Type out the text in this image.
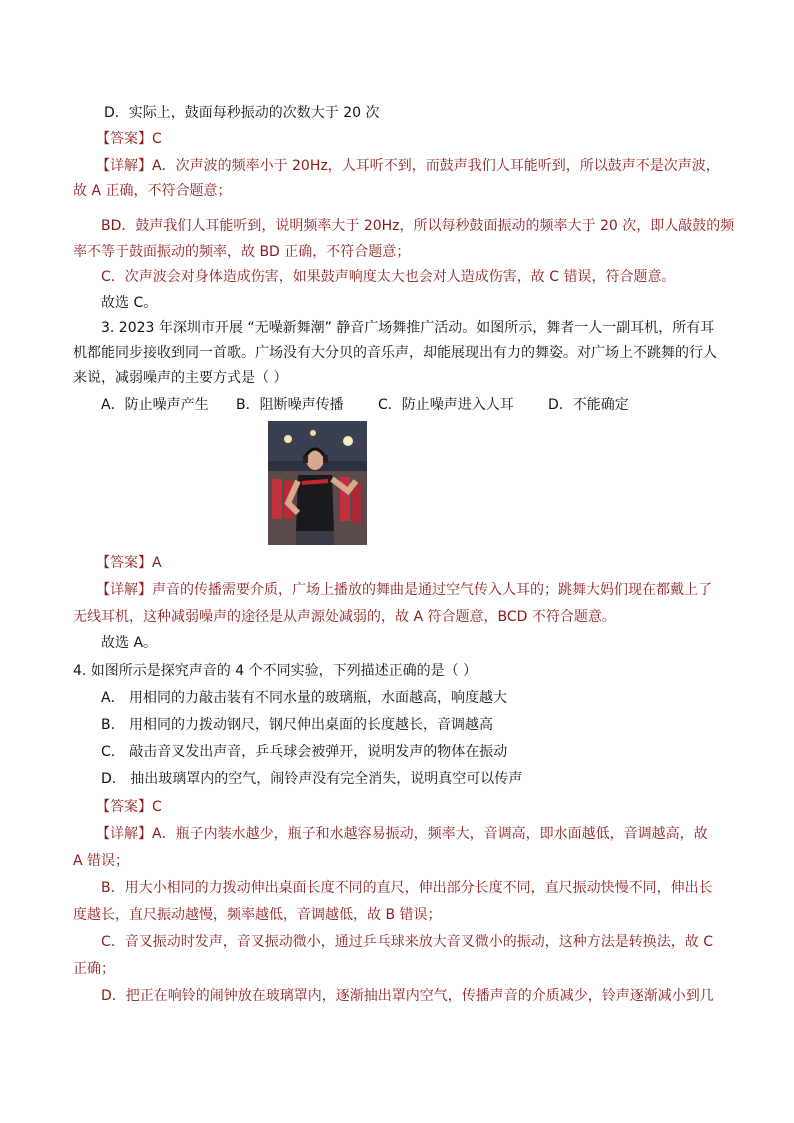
D．实际上，鼓面每秒振动的次数大于 20 次
【答案】C
【详解】A．次声波的频率小于 20Hz，人耳听不到，而鼓声我们人耳能听到，所以鼓声不是次声波，
故 A 正确，不符合题意；
BD．鼓声我们人耳能听到，说明频率大于 20Hz，所以每秒鼓面振动的频率大于 20 次，即人敲鼓的频
率不等于鼓面振动的频率，故 BD 正确，不符合题意；
C．次声波会对身体造成伤害，如果鼓声响度太大也会对人造成伤害，故 C 错误，符合题意。
故选 C。
3. 2023 年深圳市开展 “无噪新舞潮” 静音广场舞推广活动。如图所示，舞者一人一副耳机，所有耳
机都能同步接收到同一首歌。广场没有大分贝的音乐声，却能展现出有力的舞姿。对广场上不跳舞的行人
来说，减弱噪声的主要方式是（ ）
A．防止噪声产生 B．阻断噪声传播 C．防止噪声进入人耳 D．不能确定
【答案】A
【详解】声音的传播需要介质，广场上播放的舞曲是通过空气传入人耳的；跳舞大妈们现在都戴上了
无线耳机，这种减弱噪声的途径是从声源处减弱的，故 A 符合题意，BCD 不符合题意。
故选 A。
4. 如图所示是探究声音的 4 个不同实验，下列描述正确的是（ ）
A． 用相同的力敲击装有不同水量的玻璃瓶，水面越高，响度越大
B． 用相同的力拨动钢尺，钢尺伸出桌面的长度越长，音调越高
C． 敲击音叉发出声音，乒乓球会被弹开，说明发声的物体在振动
D． 抽出玻璃罩内的空气，闹铃声没有完全消失，说明真空可以传声
【答案】C
【详解】A．瓶子内装水越少，瓶子和水越容易振动，频率大，音调高，即水面越低，音调越高，故
A 错误；
B．用大小相同的力拨动伸出桌面长度不同的直尺，伸出部分长度不同，直尺振动快慢不同，伸出长
度越长，直尺振动越慢，频率越低，音调越低，故 B 错误；
C．音叉振动时发声，音叉振动微小，通过乒乓球来放大音叉微小的振动，这种方法是转换法，故 C
正确；
D．把正在响铃的闹钟放在玻璃罩内，逐渐抽出罩内空气，传播声音的介质减少，铃声逐渐减小到几
